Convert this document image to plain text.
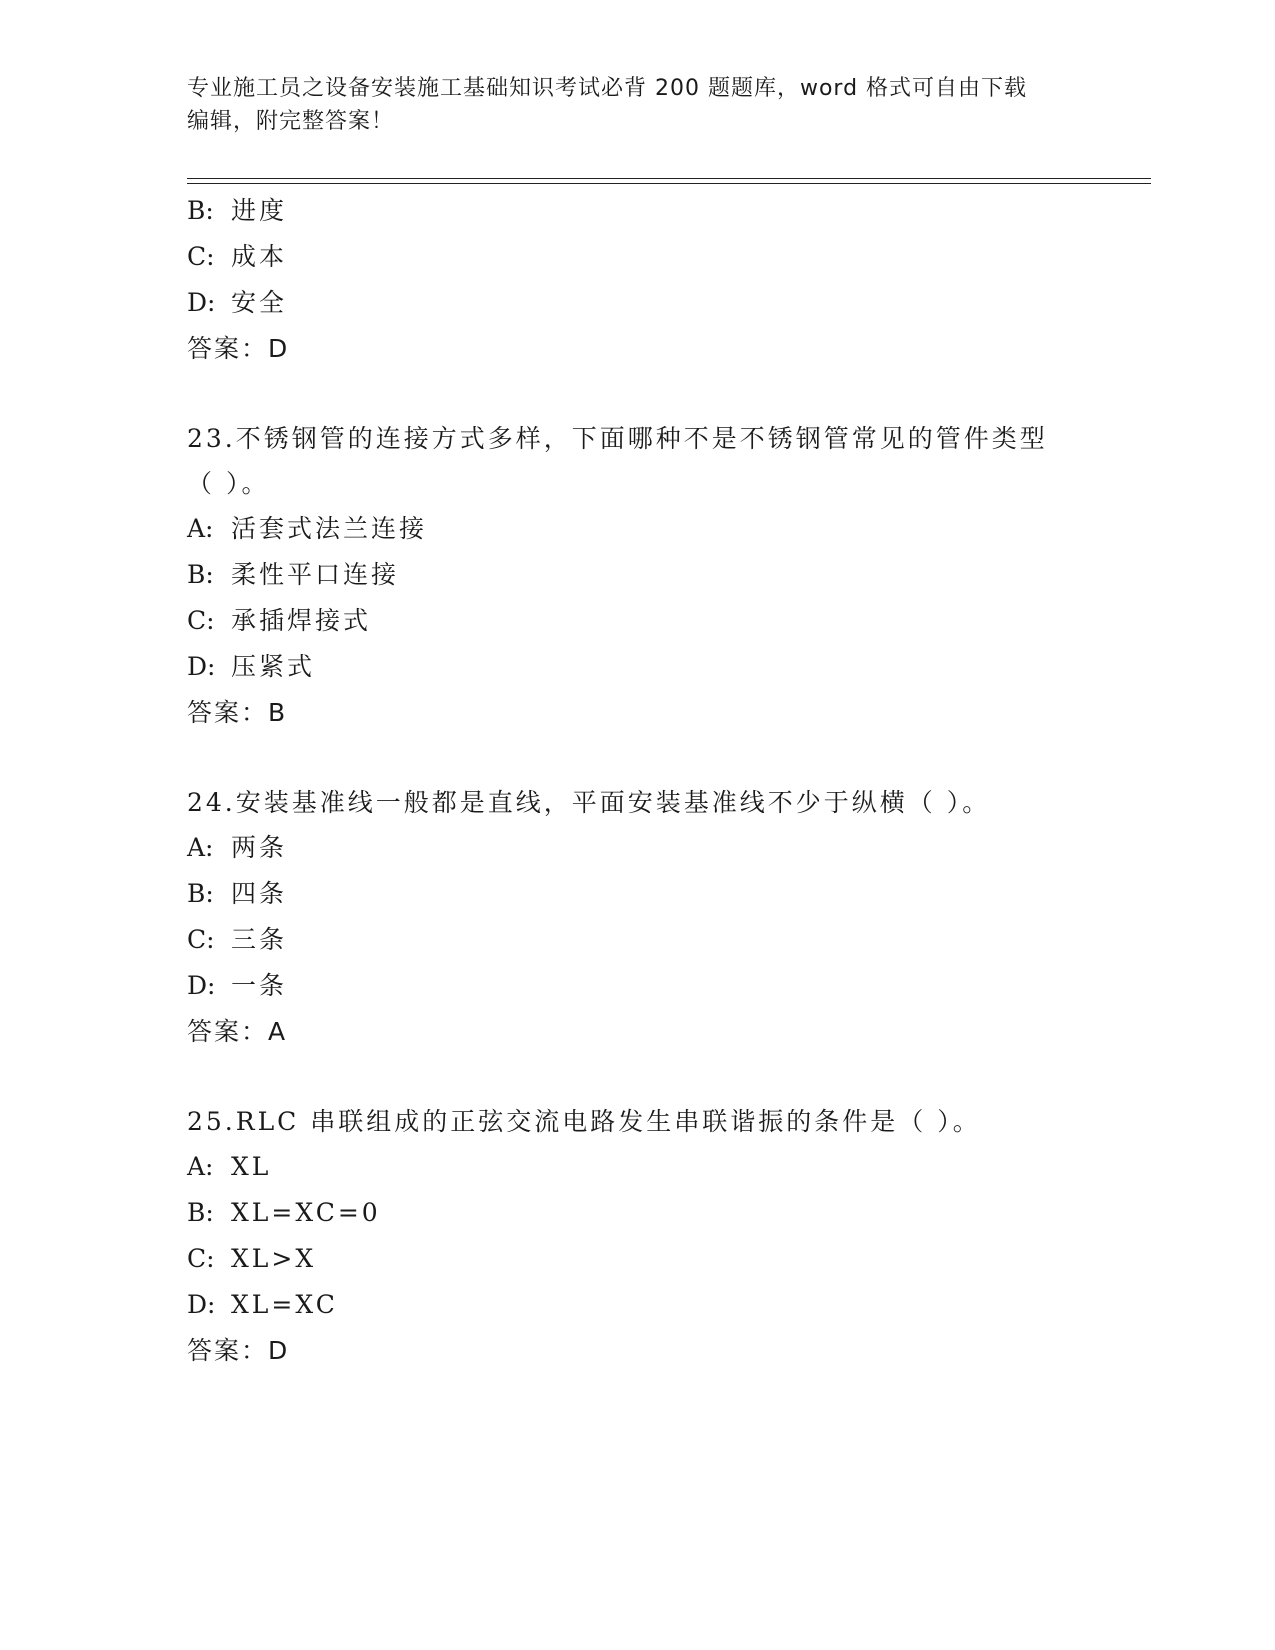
专业施工员之设备安装施工基础知识考试必背 200 题题库，word 格式可自由下载
编辑，附完整答案！
B: 进度
C: 成本
D: 安全
答案：D
23.不锈钢管的连接方式多样，下面哪种不是不锈钢管常见的管件类型
（ ）。
A: 活套式法兰连接
B: 柔性平口连接
C: 承插焊接式
D: 压紧式
答案：B
24.安装基准线一般都是直线，平面安装基准线不少于纵横（ ）。
A: 两条
B: 四条
C: 三条
D: 一条
答案：A
25.RLC 串联组成的正弦交流电路发生串联谐振的条件是（ ）。
A: XL
B: XL=XC=0
C: XL>X
D: XL=XC
答案：D
